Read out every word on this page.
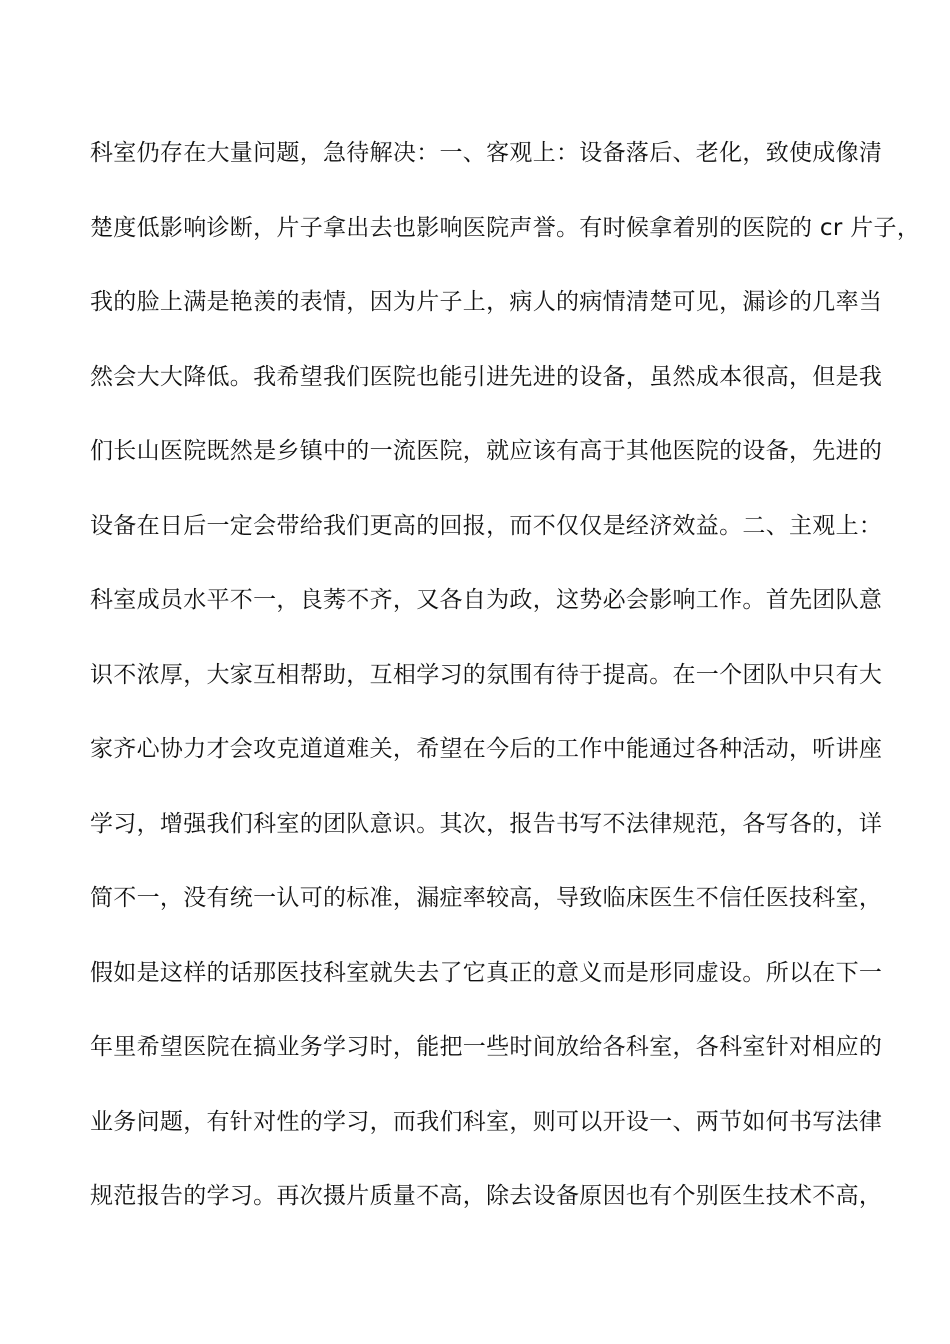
科室仍存在大量问题，急待解决：一、客观上：设备落后、老化，致使成像清
楚度低影响诊断，片子拿出去也影响医院声誉。有时候拿着别的医院的 cr 片子，
我的脸上满是艳羡的表情，因为片子上，病人的病情清楚可见，漏诊的几率当
然会大大降低。我希望我们医院也能引进先进的设备，虽然成本很高，但是我
们长山医院既然是乡镇中的一流医院，就应该有高于其他医院的设备，先进的
设备在日后一定会带给我们更高的回报，而不仅仅是经济效益。二、主观上：
科室成员水平不一，良莠不齐，又各自为政，这势必会影响工作。首先团队意
识不浓厚，大家互相帮助，互相学习的氛围有待于提高。在一个团队中只有大
家齐心协力才会攻克道道难关，希望在今后的工作中能通过各种活动，听讲座
学习，增强我们科室的团队意识。其次，报告书写不法律规范，各写各的，详
简不一，没有统一认可的标准，漏症率较高，导致临床医生不信任医技科室，
假如是这样的话那医技科室就失去了它真正的意义而是形同虚设。所以在下一
年里希望医院在搞业务学习时，能把一些时间放给各科室，各科室针对相应的
业务问题，有针对性的学习，而我们科室，则可以开设一、两节如何书写法律
规范报告的学习。再次摄片质量不高，除去设备原因也有个别医生技术不高，
